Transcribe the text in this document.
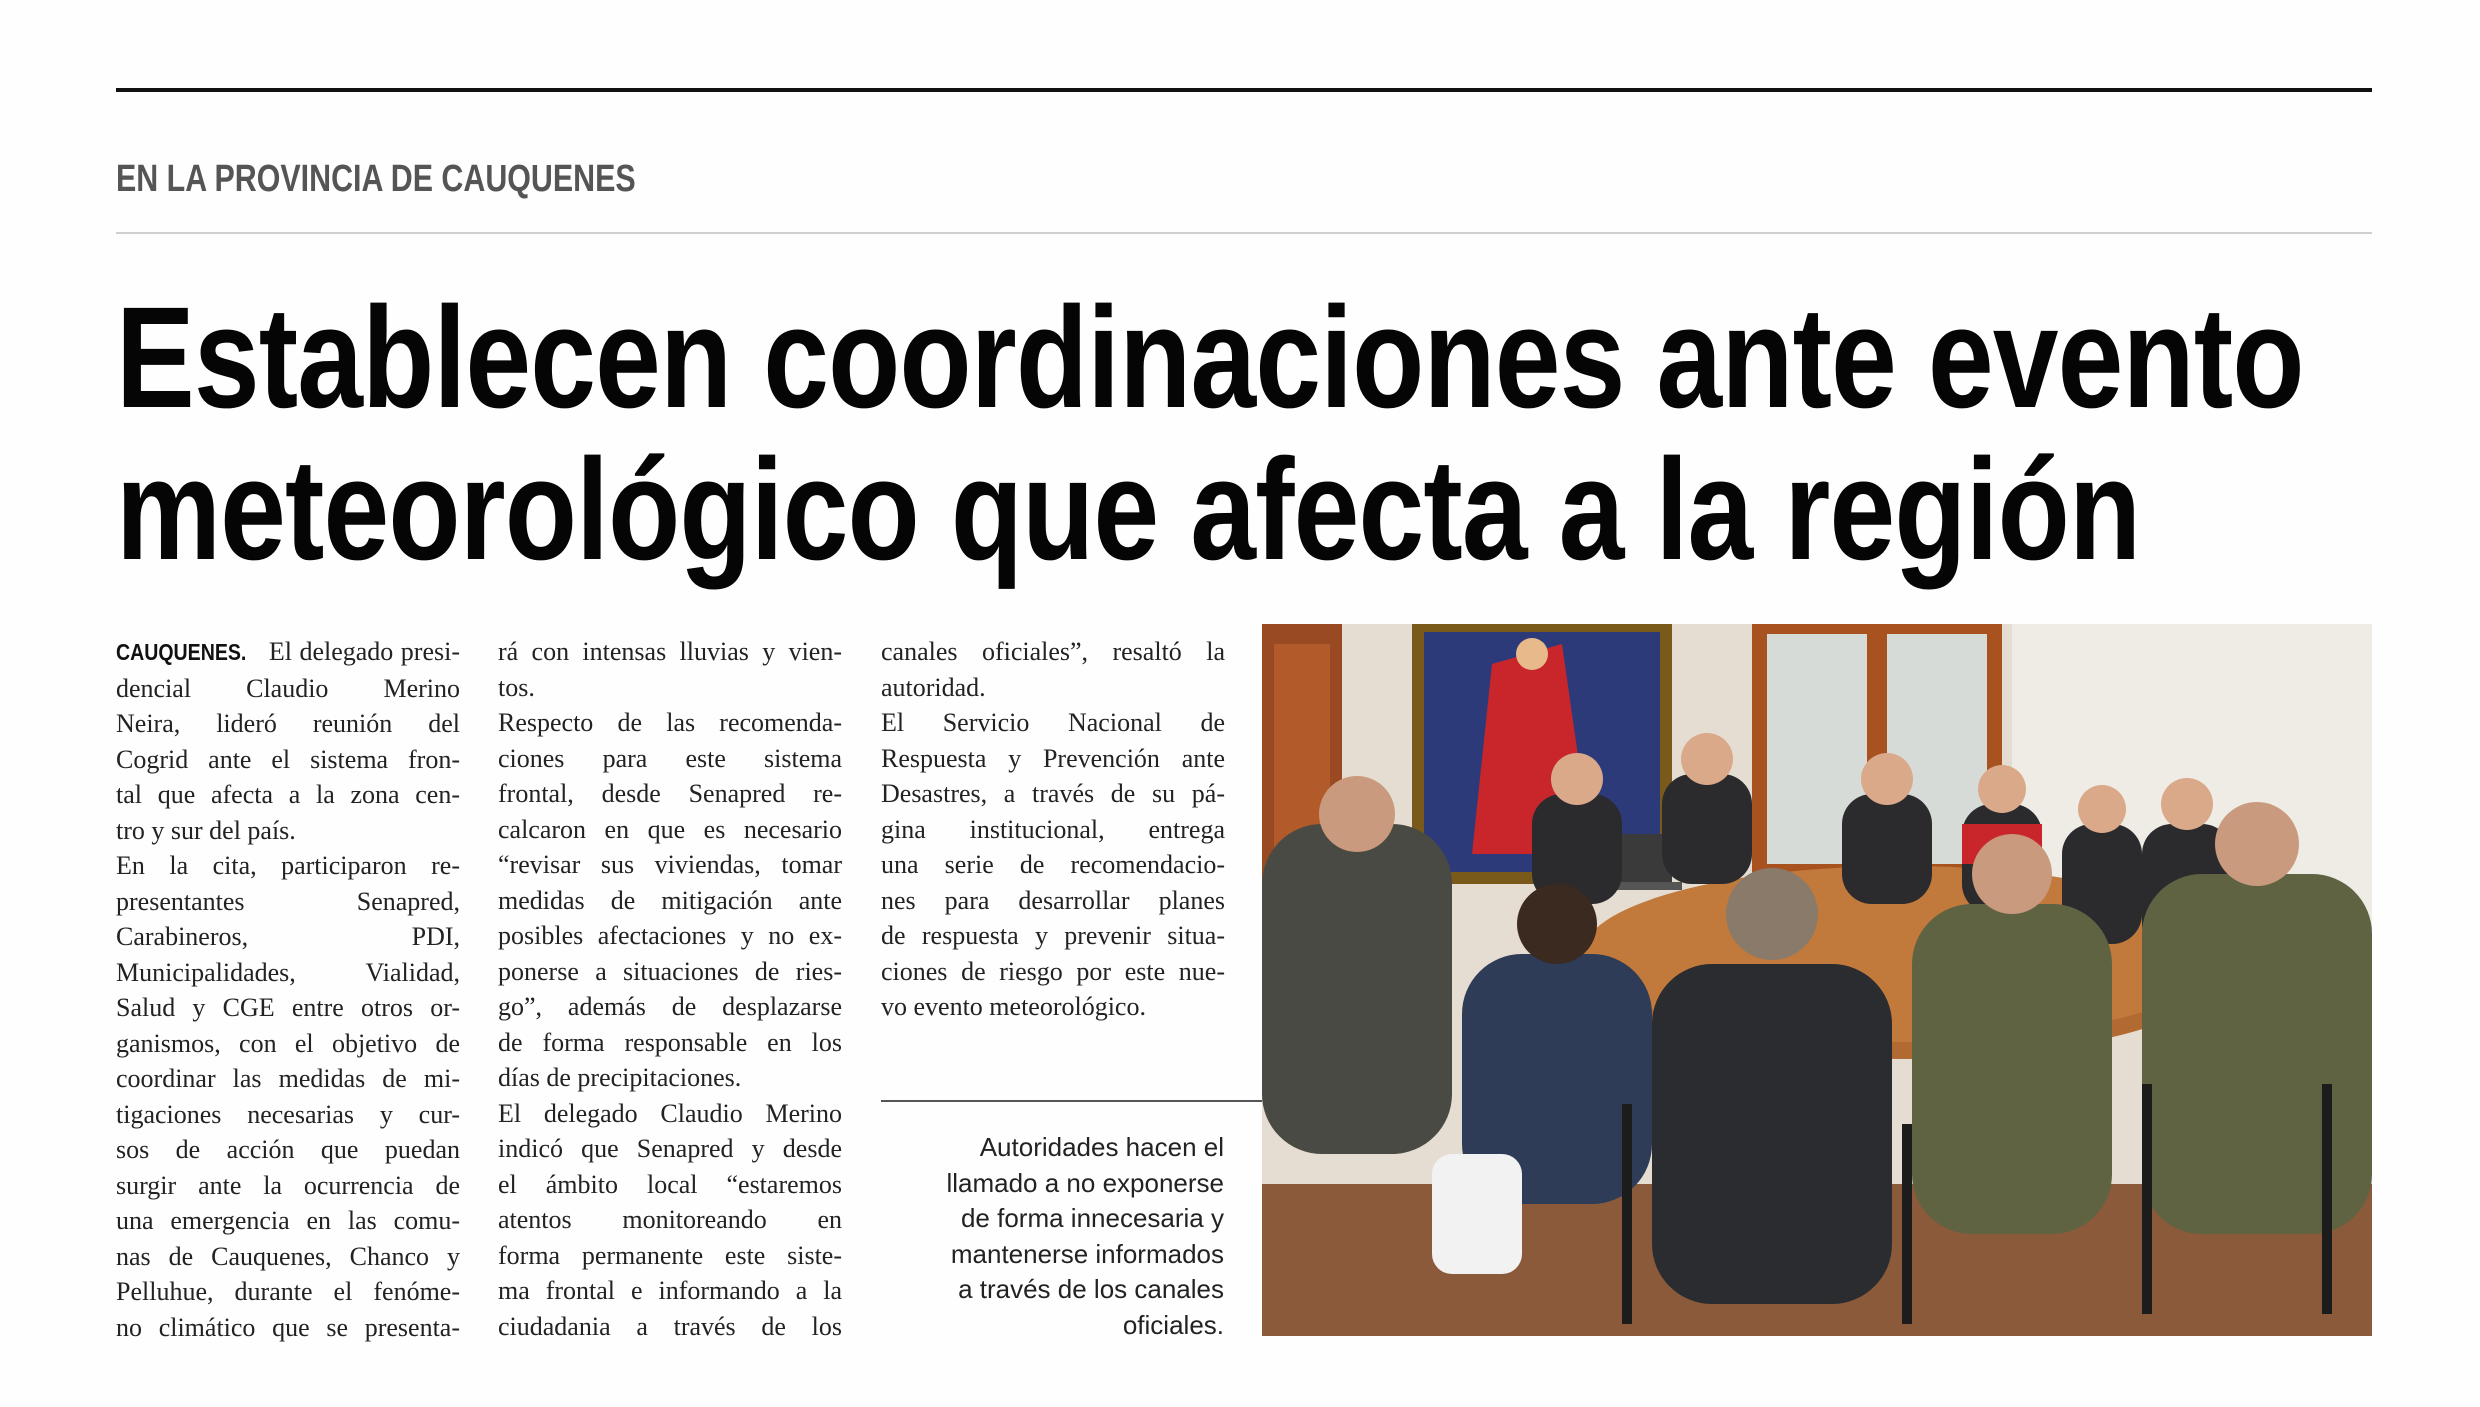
EN LA PROVINCIA DE CAUQUENES
Establecen coordinaciones ante evento
meteorológico que afecta a la región
CAUQUENES. El delegado presi-
dencial Claudio Merino
Neira, lideró reunión del
Cogrid ante el sistema fron-
tal que afecta a la zona cen-
tro y sur del país.
En la cita, participaron re-
presentantes Senapred,
Carabineros, PDI,
Municipalidades, Vialidad,
Salud y CGE entre otros or-
ganismos, con el objetivo de
coordinar las medidas de mi-
tigaciones necesarias y cur-
sos de acción que puedan
surgir ante la ocurrencia de
una emergencia en las comu-
nas de Cauquenes, Chanco y
Pelluhue, durante el fenóme-
no climático que se presenta-
rá con intensas lluvias y vien-
tos.
Respecto de las recomenda-
ciones para este sistema
frontal, desde Senapred re-
calcaron en que es necesario
“revisar sus viviendas, tomar
medidas de mitigación ante
posibles afectaciones y no ex-
ponerse a situaciones de ries-
go”, además de desplazarse
de forma responsable en los
días de precipitaciones.
El delegado Claudio Merino
indicó que Senapred y desde
el ámbito local “estaremos
atentos monitoreando en
forma permanente este siste-
ma frontal e informando a la
ciudadania a través de los
canales oficiales”, resaltó la
autoridad.
El Servicio Nacional de
Respuesta y Prevención ante
Desastres, a través de su pá-
gina institucional, entrega
una serie de recomendacio-
nes para desarrollar planes
de respuesta y prevenir situa-
ciones de riesgo por este nue-
vo evento meteorológico.
Autoridades hacen el
llamado a no exponerse
de forma innecesaria y
mantenerse informados
a través de los canales
oficiales.
